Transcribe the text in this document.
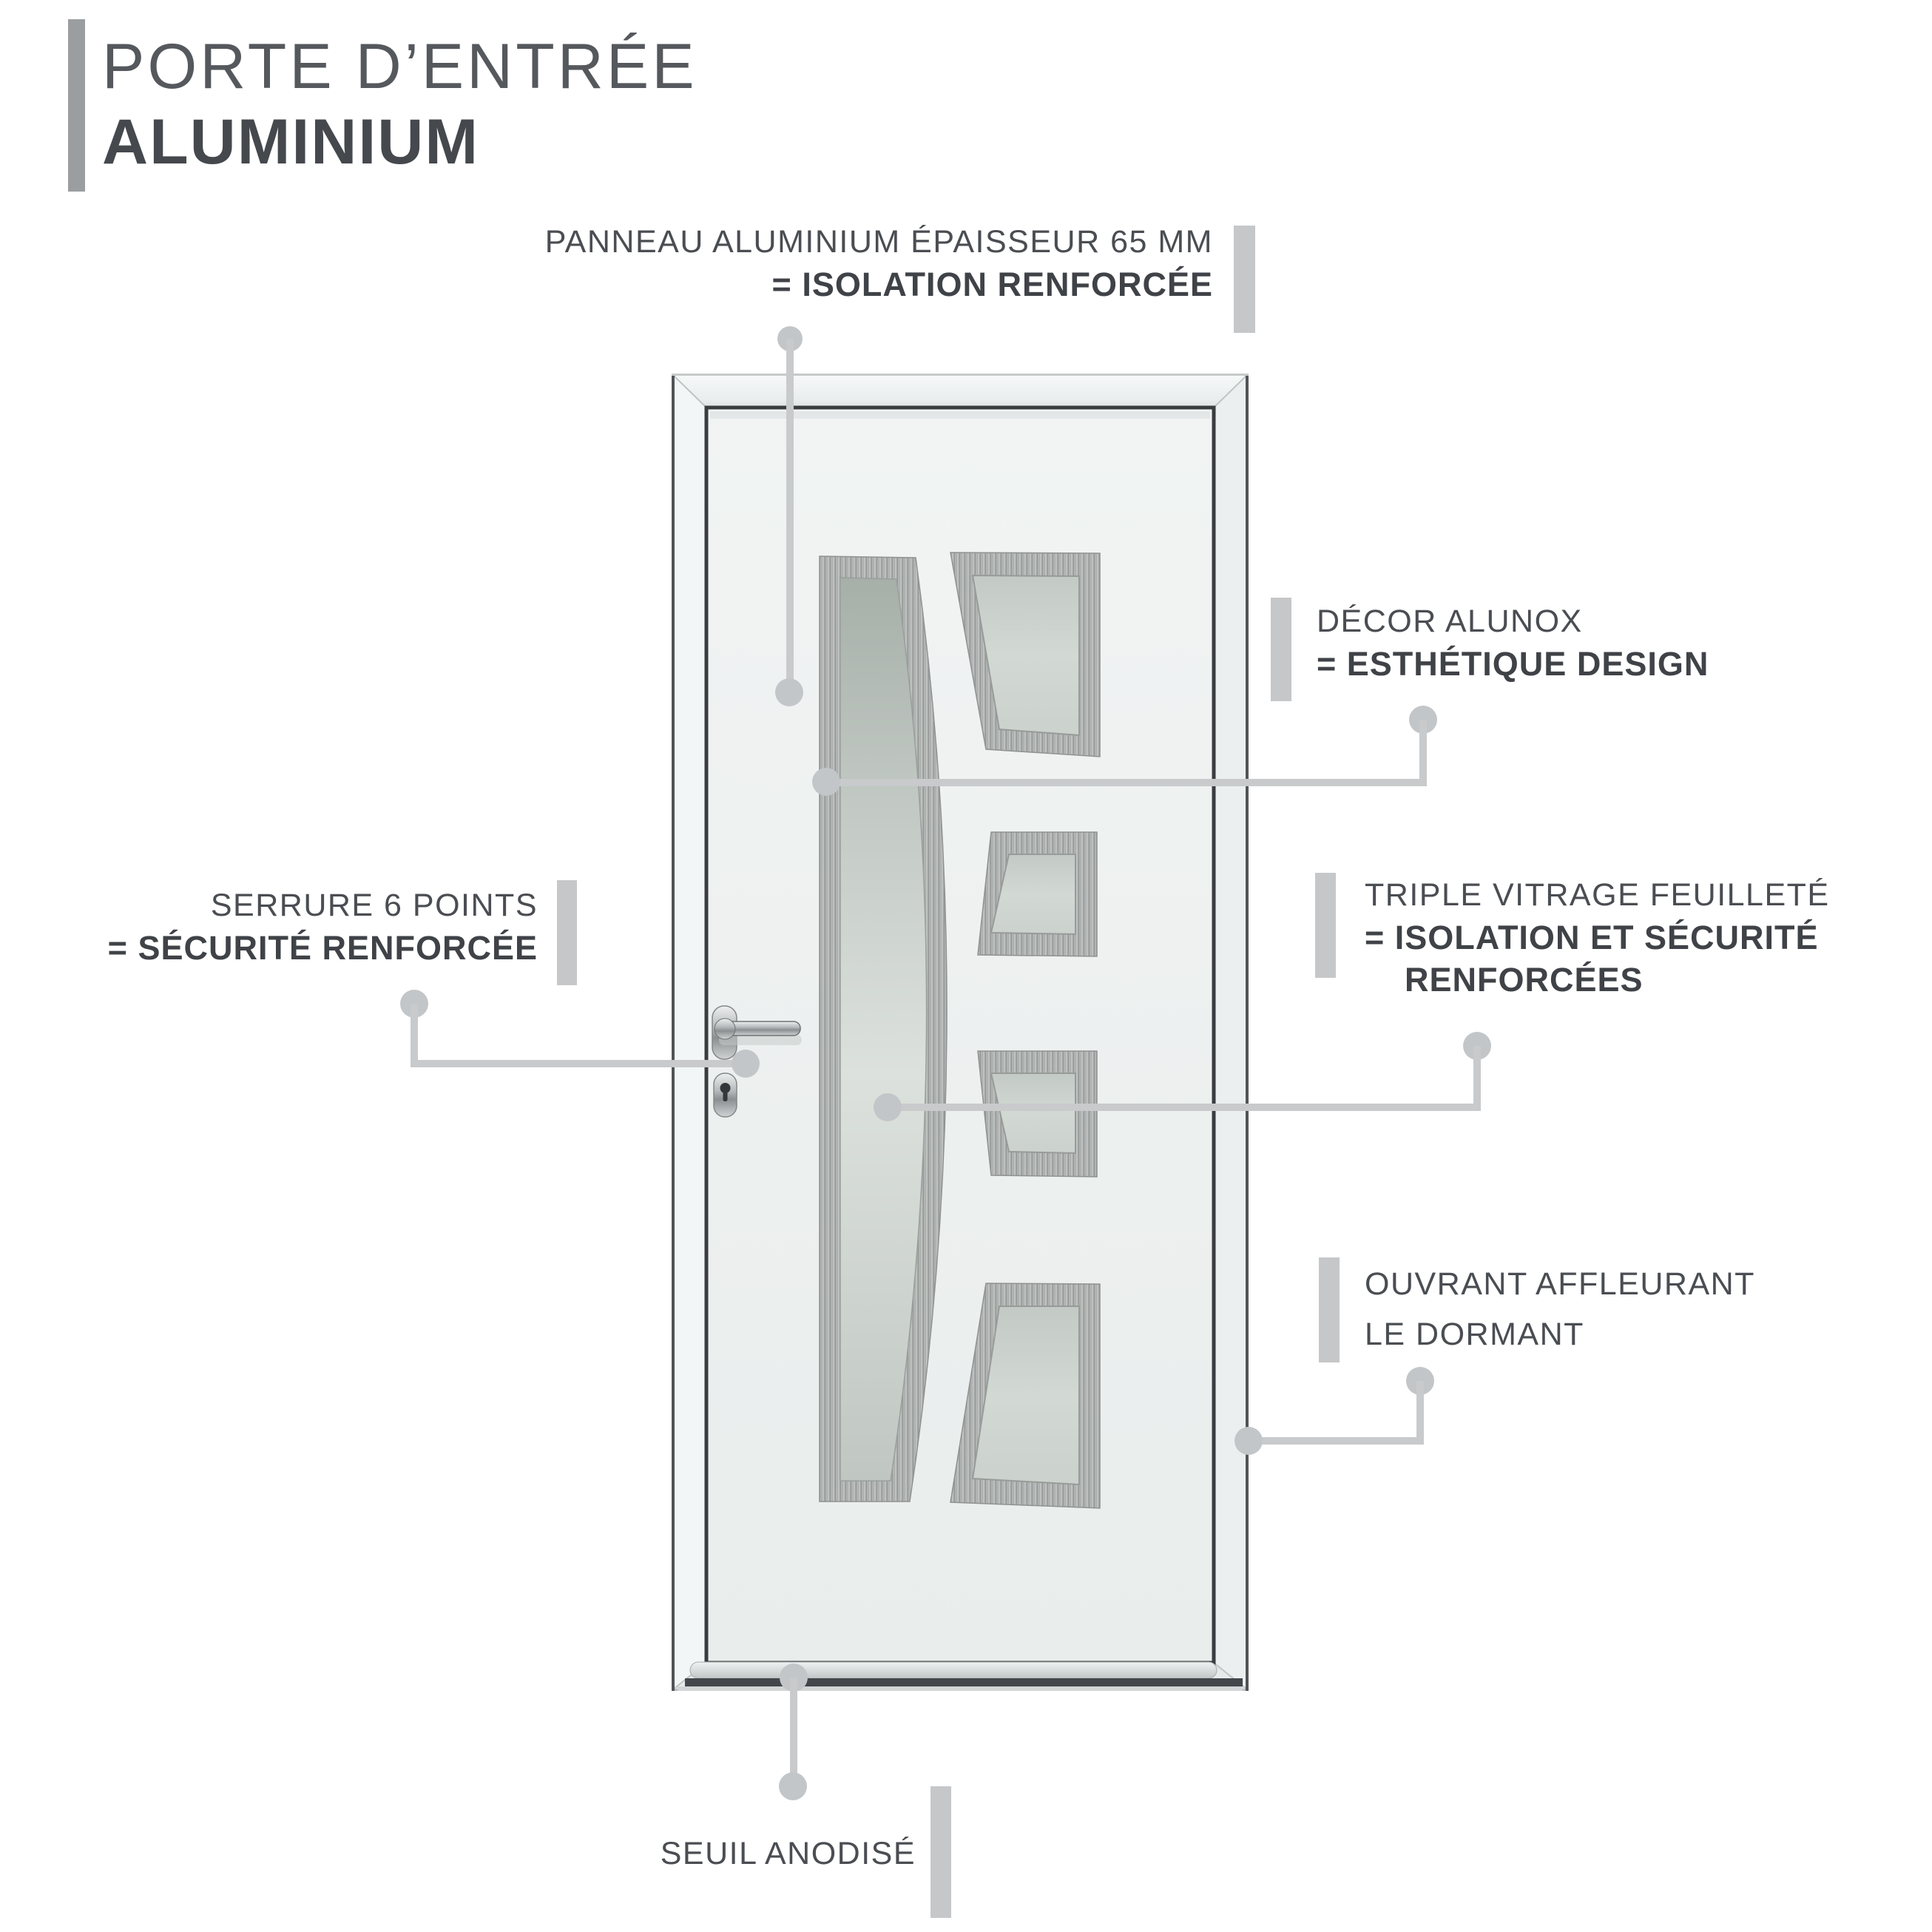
PORTE D’ENTRÉE
ALUMINIUM
PANNEAU ALUMINIUM ÉPAISSEUR 65 MM
= ISOLATION RENFORCÉE
DÉCOR ALUNOX
= ESTHÉTIQUE DESIGN
SERRURE 6 POINTS
= SÉCURITÉ RENFORCÉE
TRIPLE VITRAGE FEUILLETÉ
= ISOLATION ET SÉCURITÉ
RENFORCÉES
OUVRANT AFFLEURANT
LE DORMANT
SEUIL ANODISÉ
